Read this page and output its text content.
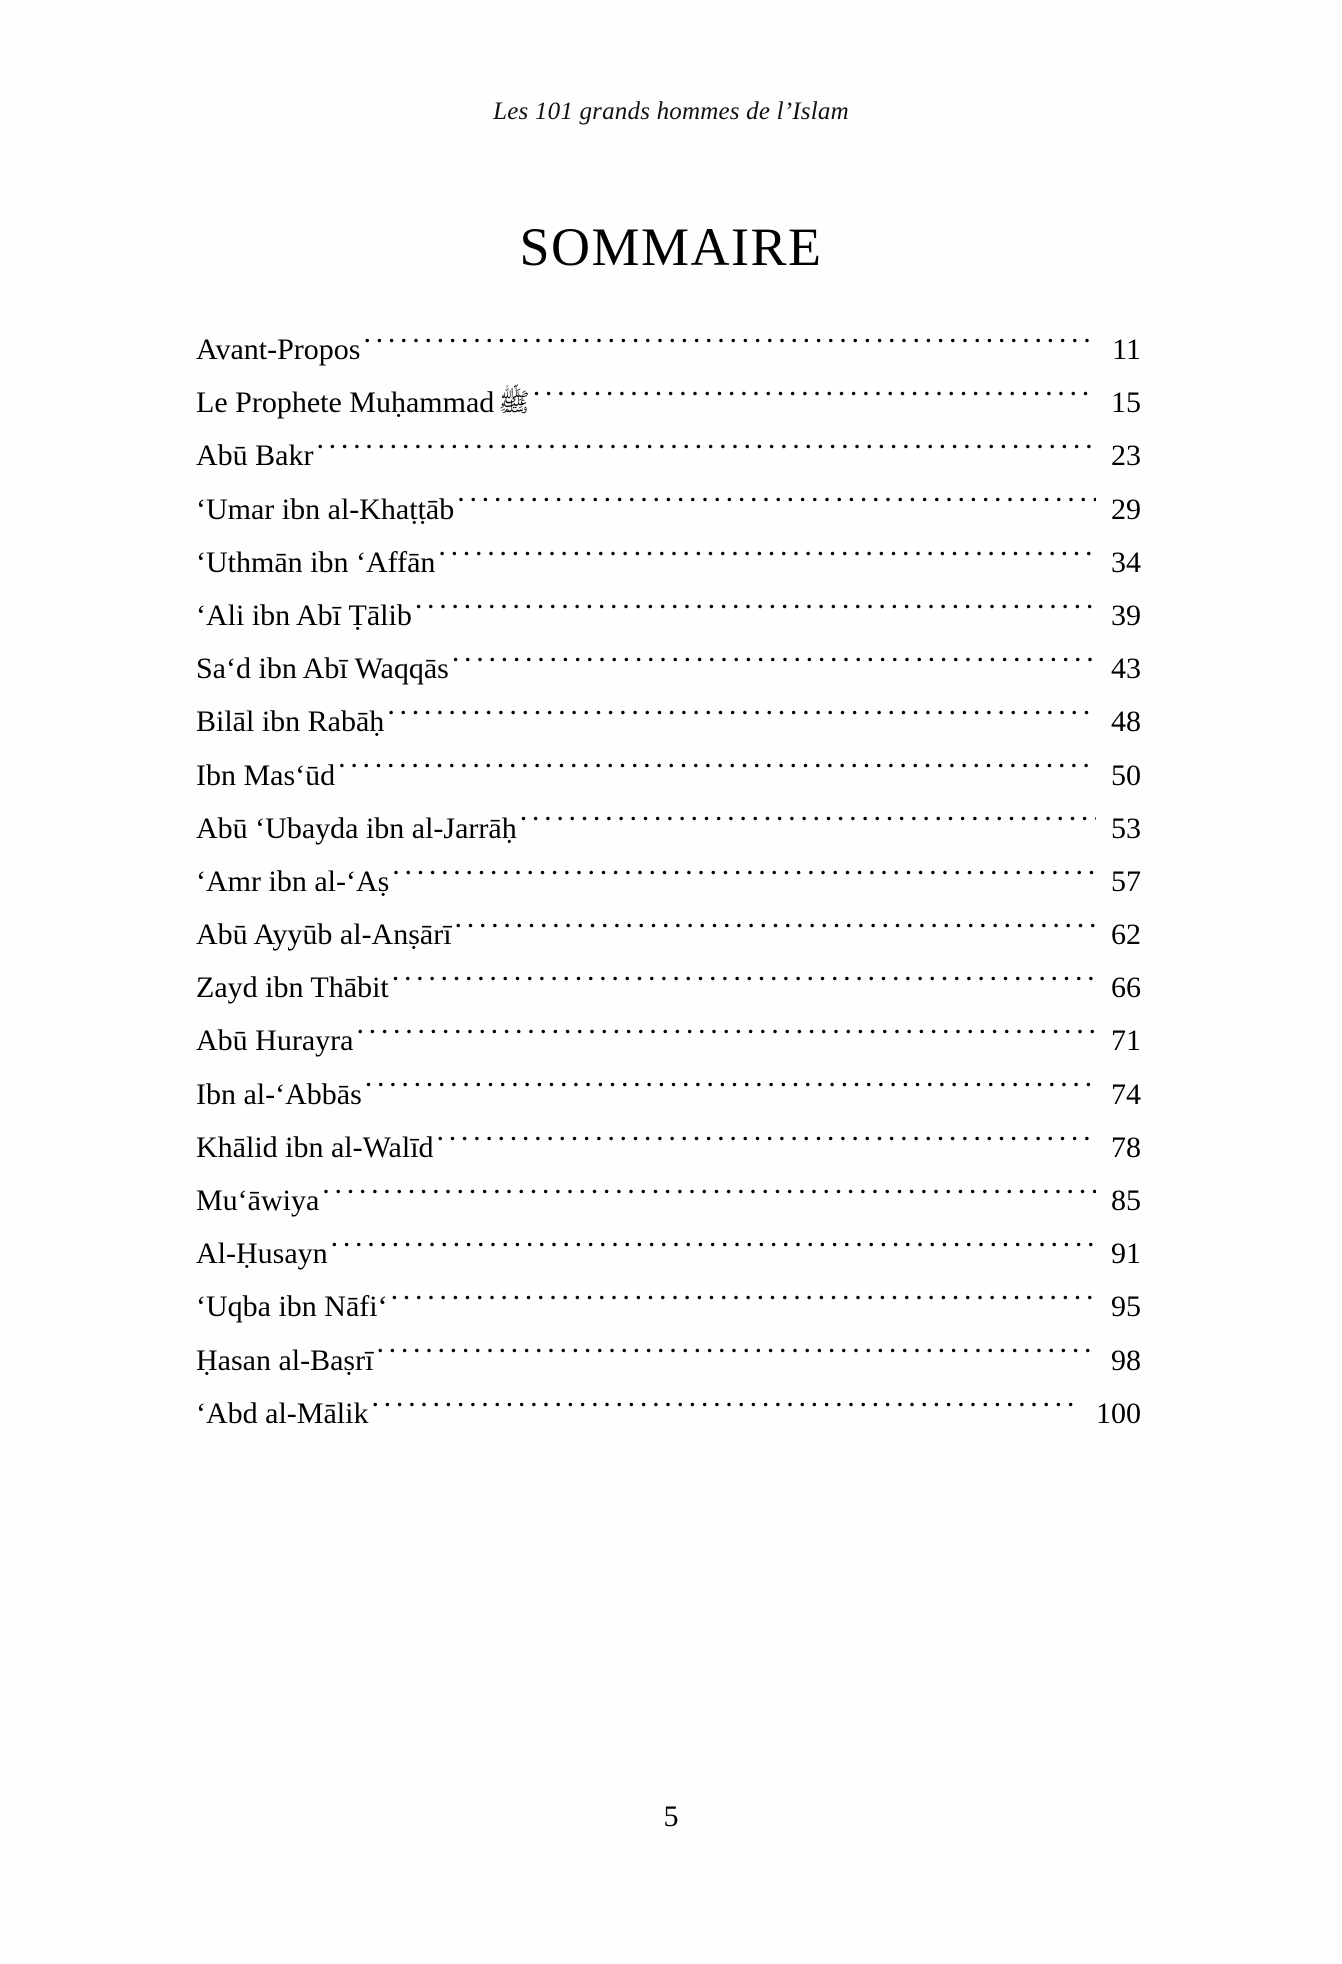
Les 101 grands hommes de l’Islam
SOMMAIRE
Avant-Propos . . .	11
Le Prophete Muḥammad ﷺ . . .	15
Abū Bakr . . .	23
ʻUmar ibn al-Khaṭṭāb . . .	29
ʻUthmān ibn ʻAffān . . .	34
ʻAli ibn Abī Ṭālib . . .	39
Saʻd ibn Abī Waqqās . . .	43
Bilāl ibn Rabāḥ . . .	48
Ibn Masʻūd . . .	50
Abū ʻUbayda ibn al-Jarrāḥ . . .	53
ʻAmr ibn al-ʻAṣ . . .	57
Abū Ayyūb al-Anṣārī . . .	62
Zayd ibn Thābit . . .	66
Abū Hurayra . . .	71
Ibn al-ʻAbbās . . .	74
Khālid ibn al-Walīd . . .	78
Muʻāwiya . . .	85
Al-Ḥusayn . . .	91
ʻUqba ibn Nāfiʻ . . .	95
Ḥasan al-Baṣrī . . .	98
ʻAbd al-Mālik . . .	100
5
